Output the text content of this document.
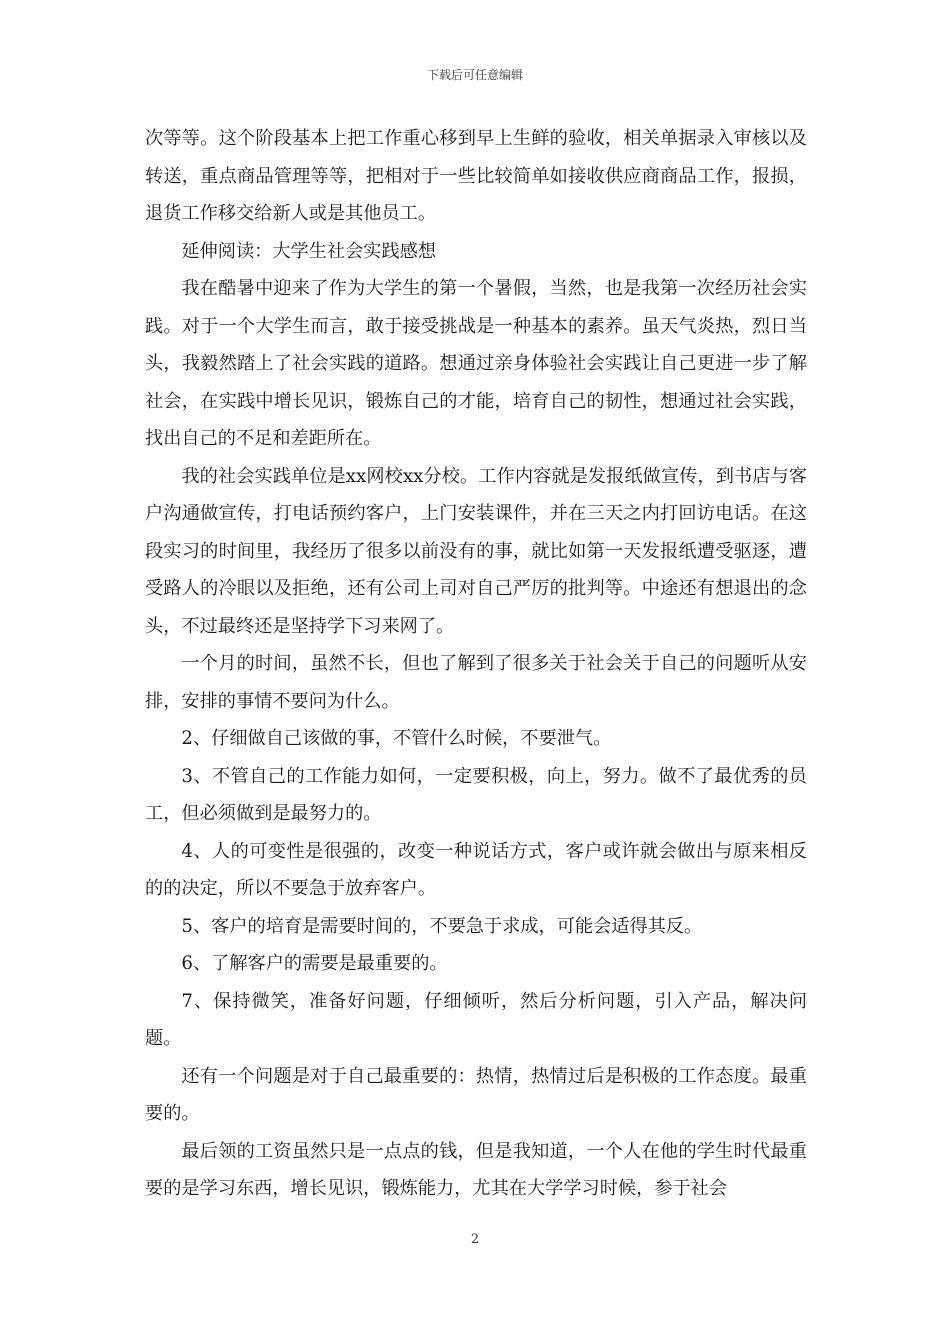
下载后可任意编辑

次等等。这个阶段基本上把工作重心移到早上生鲜的验收，相关单据录入审核以及转送，重点商品管理等等，把相对于一些比较简单如接收供应商商品工作，报损，退货工作移交给新人或是其他员工。

延伸阅读：大学生社会实践感想

我在酷暑中迎来了作为大学生的第一个暑假，当然，也是我第一次经历社会实践。对于一个大学生而言，敢于接受挑战是一种基本的素养。虽天气炎热，烈日当头，我毅然踏上了社会实践的道路。想通过亲身体验社会实践让自己更进一步了解社会，在实践中增长见识，锻炼自己的才能，培育自己的韧性，想通过社会实践，找出自己的不足和差距所在。

我的社会实践单位是xx网校xx分校。工作内容就是发报纸做宣传，到书店与客户沟通做宣传，打电话预约客户，上门安装课件，并在三天之内打回访电话。在这段实习的时间里，我经历了很多以前没有的事，就比如第一天发报纸遭受驱逐，遭受路人的冷眼以及拒绝，还有公司上司对自己严厉的批判等。中途还有想退出的念头，不过最终还是坚持学下习来网了。

一个月的时间，虽然不长，但也了解到了很多关于社会关于自己的问题听从安排，安排的事情不要问为什么。

2、仔细做自己该做的事，不管什么时候，不要泄气。

3、不管自己的工作能力如何，一定要积极，向上，努力。做不了最优秀的员工，但必须做到是最努力的。

4、人的可变性是很强的，改变一种说话方式，客户或许就会做出与原来相反的的决定，所以不要急于放弃客户。

5、客户的培育是需要时间的，不要急于求成，可能会适得其反。

6、了解客户的需要是最重要的。

7、保持微笑，准备好问题，仔细倾听，然后分析问题，引入产品，解决问题。

还有一个问题是对于自己最重要的：热情，热情过后是积极的工作态度。最重要的。

最后领的工资虽然只是一点点的钱，但是我知道，一个人在他的学生时代最重要的是学习东西，增长见识，锻炼能力，尤其在大学学习时候，参于社会

2
